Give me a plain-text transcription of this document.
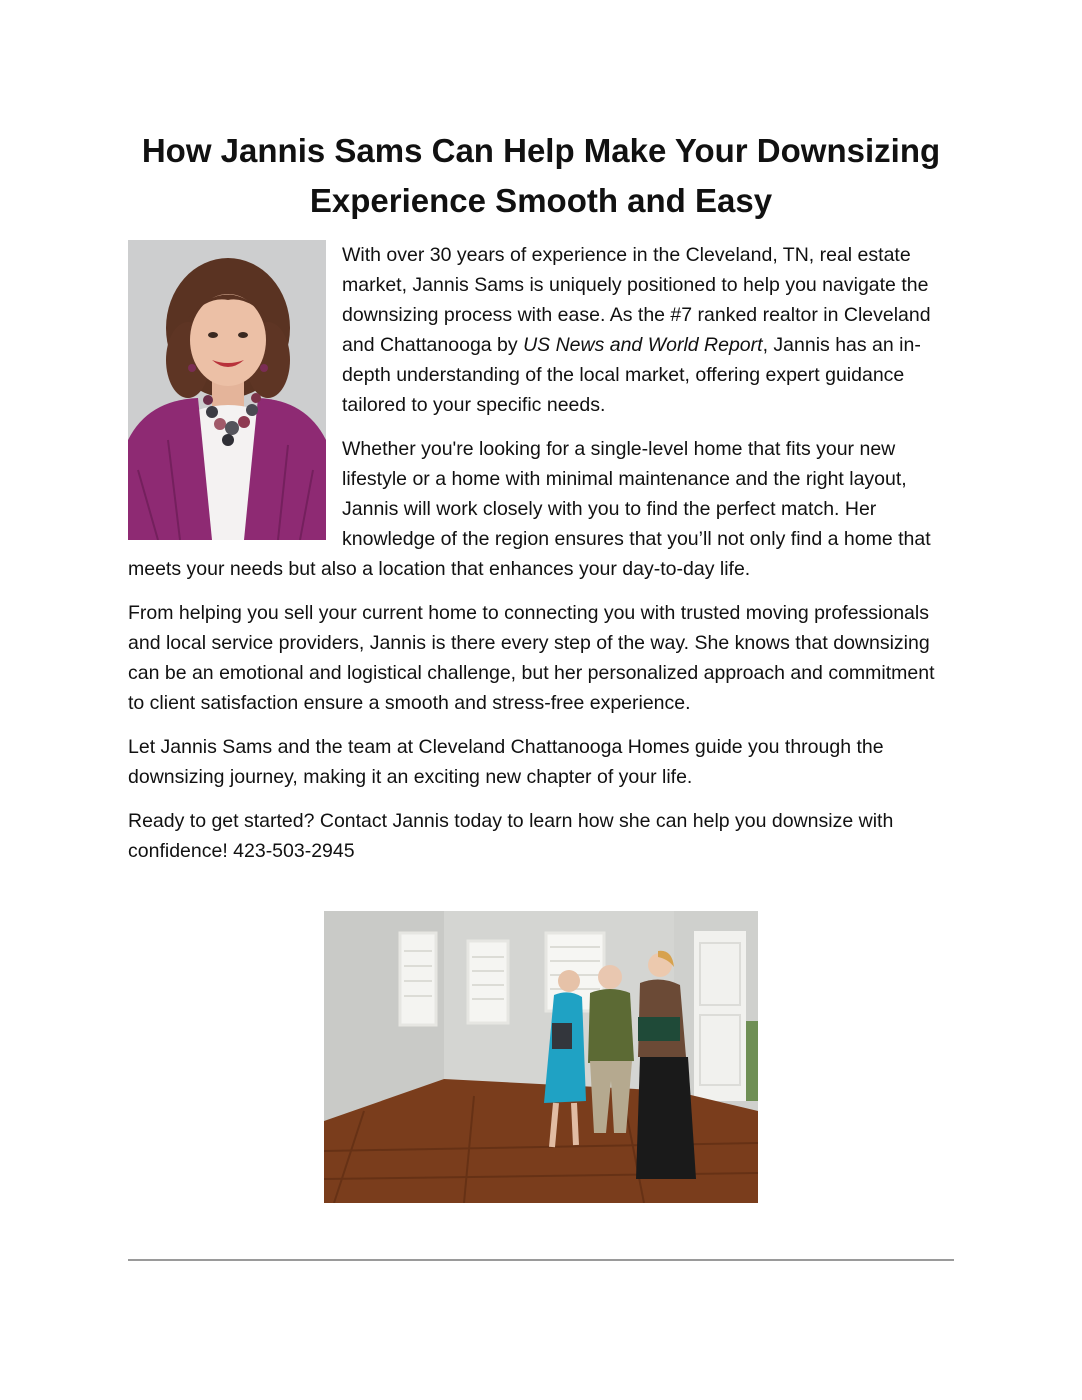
How Jannis Sams Can Help Make Your Downsizing
Experience Smooth and Easy

With over 30 years of experience in the Cleveland, TN, real estate market, Jannis Sams is uniquely positioned to help you navigate the downsizing process with ease. As the #7 ranked realtor in Cleveland and Chattanooga by US News and World Report, Jannis has an in-depth understanding of the local market, offering expert guidance tailored to your specific needs.

Whether you're looking for a single-level home that fits your new lifestyle or a home with minimal maintenance and the right layout, Jannis will work closely with you to find the perfect match. Her knowledge of the region ensures that you’ll not only find a home that meets your needs but also a location that enhances your day-to-day life.

From helping you sell your current home to connecting you with trusted moving professionals and local service providers, Jannis is there every step of the way. She knows that downsizing can be an emotional and logistical challenge, but her personalized approach and commitment to client satisfaction ensure a smooth and stress-free experience.

Let Jannis Sams and the team at Cleveland Chattanooga Homes guide you through the downsizing journey, making it an exciting new chapter of your life.

Ready to get started? Contact Jannis today to learn how she can help you downsize with confidence! 423-503-2945
